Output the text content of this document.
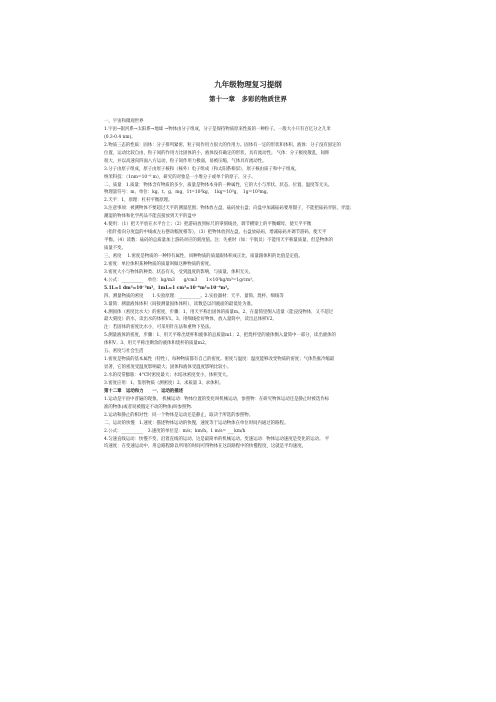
九年级物理复习提纲
第十一章　多彩的物质世界
一、宇宙和微观世界
1.宇宙→银河系→太阳系→地球 →物体由分子组成，分子是保持物质原来性质的一种粒子。一般大小只有百亿分之几米
(0.3-0.4 nm)。
2.物质三态的性质：固体：分子排列紧密，粒子间作用力很大的作用力。固体有一定的形状和体积。液体：分子没有固定的
位置，运动比较自由，粒子间的作用力比固体的小，液体没有确定的形状，具有流动性。 气体：分子极度散乱，间距
很大，并以高速向四面八方运动，粒子间作用力极弱，易被压缩，气体具有流动性。
3.分子由原子组成，原子由原子核和（核外）电子组成（和太阳系相似），原子核由质子和中子组成。
纳米科技：（1nm=10⁻⁹ m），研究的对象是一小堆分子或单个的原子、分子。
二、质量　1.质量：物体含有物质的多少，质量是物体本身的一种属性，它的大小与形状、状态、位置、温度等无关。
物理量符号：m，单位：kg、t、g、mg，1t=10³kg，　1kg=10³g，　1g=10³mg。
2.天平：1，原理：杠杆平衡原理。
3.注意事项：被测物体不要超过天平的测量范围；物体放左盘，砝码放右盘；向盘中加减砝码要用镊子，不能把砝码弄脏、弄湿；
潮湿的物体和化学药品不能直接放到天平的盘中
4.使用：（1）把天平放在水平台上；（2）把游码放到标尺的零刻线处，调节横梁上的平衡螺母，使天平平衡
（指针指向分度盘的中线或左右摆动幅度相等），（3）把物体放到左盘，右盘放砝码，增减砝码并调节游码，使天平
平衡。（4）读数：砝码的总质量加上游码对应的刻度值。注：失重时（如：宇航员）不能用天平称量质量，但是物体的
质量不变。
三、密度　 1.密度是物质的一种特有属性，同种物质的质量跟体积成正比，质量跟体积的比值是定值。
2.密度：单位体积某种物质的质量叫做这种物质的密度。
3.密度大小与物体的种类、状态有关，受到温度的影响，与质量、体积无关。
4.公式：__________　单位：kg/m3　　g/cm3　　1×10³kg/m³=1g/cm³。
5.1L=1 dm³=10⁻³m³，1mL=1 cm³=10⁻⁶m³=10⁻⁶m³。
四、测量物质的密度　　1.实验原理：__________。2.实验器材：天平、量筒、烧杯、细线等
3.量筒：测量液体体积（间接测量固体体积），读数是以凹液面的最低处为准。
4.测固体（密度比水大）的密度，步骤：1、用天平称出固体的质量m。2、在量筒里倒入适量（能浸没物体，又不超过
最大刻度）的水，读出水的体积V1。3、用细线拴好物体，放入量筒中，读出总体积V2。
注：若固体的密度比水小，可采用针压法和重物下坠法。
5.测量液体的密度，步骤：1、用天平称出烧杯和液体的总质量m1；2、把烧杯里的液体倒入量筒中一部分，读出液体的
体积V；3、用天平称出剩余的液体和烧杯的质量m2。
五、密度与社会生活
1.密度是物质的基本属性（特性），每种物质都有自己的密度。密度与温度：温度能够改变物质的密度；气体热胀冷缩最
显著，它的密度受温度影响最大；固体和液体受温度影响比较小。
2.水的反常膨胀：4°C时密度最大；水结冰密度变小，体积变大。
3.密度应用：1、鉴别物质（测密度）2、求质量 3、求体积。
第十二章　运动和力　　一、运动的描述
1.运动是宇宙中普遍的现象。 机械运动：物体位置的变化叫机械运动，参照物：在研究物体运动还是静止时被选作标
准的物体(或者说被假定不动的物体)叫参照物.
2.运动和静止的相对性：同一个物体是运动还是静止，取决于所选的参照物。
二、运动的快慢　1.速度：描述物体运动的快慢，速度等于运动物体在单位时间内通过的路程。
2.公式：__________　3.速度的单位是：m/s；km/h。1 m/s= ___km/h
4.匀速直线运动：快慢不变、沿着直线的运动。这是最简单的机械运动。变速运动：物体运动速度是变化的运动。 平
均速度：在变速运动中，用总路程除以所用的时间可得物体在这段路程中的快慢程度，这就是平均速度。
